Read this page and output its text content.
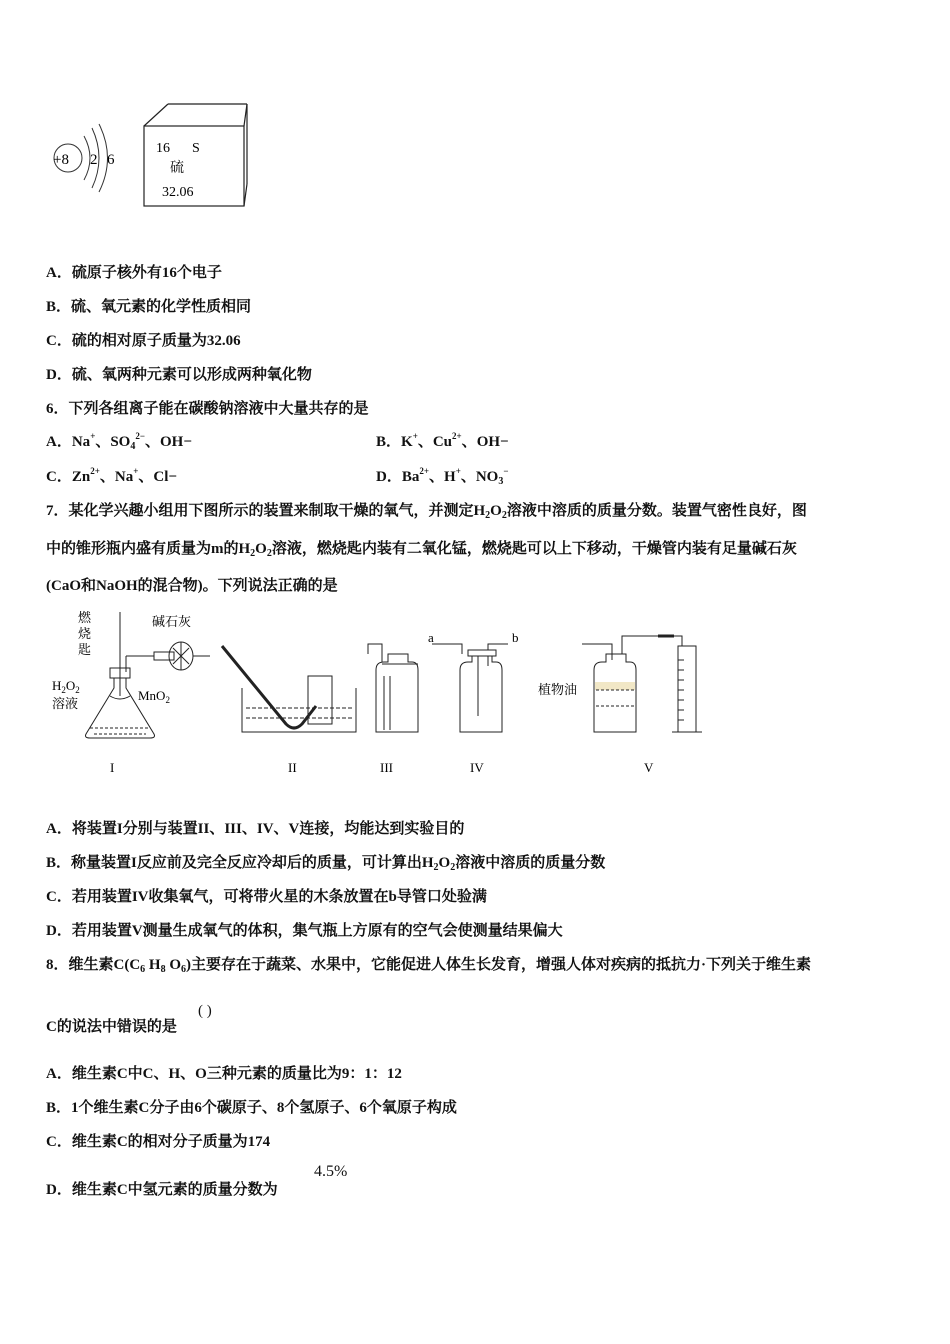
+8 2 6
16 S
硫
32.06
A．硫原子核外有16个电子
B．硫、氧元素的化学性质相同
C．硫的相对原子质量为32.06
D．硫、氧两种元素可以形成两种氧化物
6．下列各组离子能在碳酸钠溶液中大量共存的是
A．Na+、$SO_4^{2-}$、OH−	B．K+、$Cu^{2+}$、OH−
C．$Zn^{2+}$、Na+、Cl−	D．$Ba^{2+}$、H+、$NO_3^-$
7．某化学兴趣小组用下图所示的装置来制取干燥的氧气，并测定$H_2O_2$溶液中溶质的质量分数。装置气密性良好，图
中的锥形瓶内盛有质量为m的$H_2O_2$溶液，燃烧匙内装有二氧化锰，燃烧匙可以上下移动，干燥管内装有足量碱石灰
(CaO和NaOH的混合物)。下列说法正确的是
燃
烧
匙
碱石灰
$H_2O_2$
溶液
MnO$_2$
a	b
植物油
I	II	III	IV	V
A．将装置I分别与装置II、III、IV、V连接，均能达到实验目的
B．称量装置I反应前及完全反应冷却后的质量，可计算出$H_2O_2$溶液中溶质的质量分数
C．若用装置IV收集氧气，可将带火星的木条放置在b导管口处验满
D．若用装置V测量生成氧气的体积，集气瓶上方原有的空气会使测量结果偏大
8．维生素$C(C_6$ $H_8$ $O_6$)主要存在于蔬菜、水果中，它能促进人体生长发育，增强人体对疾病的抵抗力·下列关于维生素
C的说法中错误的是
( )
A．维生素C中C、H、O三种元素的质量比为9：1：12
B．1个维生素C分子由6个碳原子、8个氢原子、6个氧原子构成
C．维生素C的相对分子质量为174
D．维生素C中氢元素的质量分数为
4.5%
